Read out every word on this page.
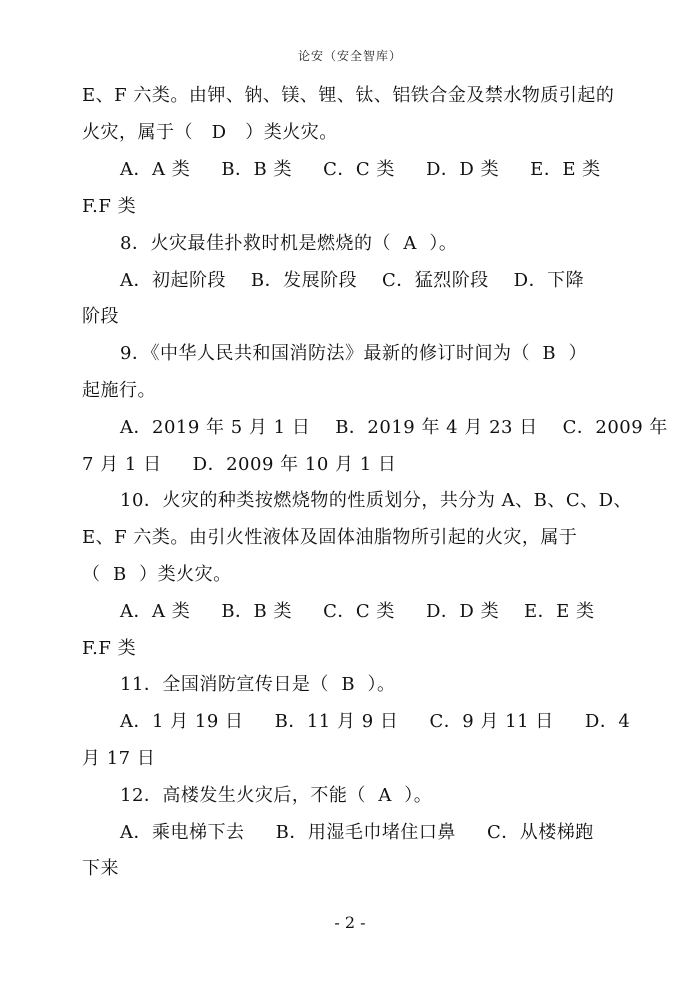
论安（安全智库）
E、F 六类。由钾、钠、镁、锂、钛、铝铁合金及禁水物质引起的
火灾，属于（   D   ）类火灾。
A．A 类     B．B 类     C．C 类     D．D 类     E．E 类
F.F 类
8．火灾最佳扑救时机是燃烧的（  A  ）。
A．初起阶段    B．发展阶段    C．猛烈阶段    D．下降
阶段
9．《中华人民共和国消防法》最新的修订时间为（  B  ）
起施行。
A．2019 年 5 月 1 日    B．2019 年 4 月 23 日    C．2009 年
7 月 1 日     D．2009 年 10 月 1 日
10．火灾的种类按燃烧物的性质划分，共分为 A、B、C、D、
E、F 六类。由引火性液体及固体油脂物所引起的火灾，属于
（  B  ）类火灾。
A．A 类     B．B 类     C．C 类     D．D 类    E．E 类
F.F 类
11．全国消防宣传日是（  B  ）。
A．1 月 19 日     B．11 月 9 日     C．9 月 11 日     D．4
月 17 日
12．高楼发生火灾后，不能（  A  ）。
A．乘电梯下去     B．用湿毛巾堵住口鼻     C．从楼梯跑
下来
- 2 -
